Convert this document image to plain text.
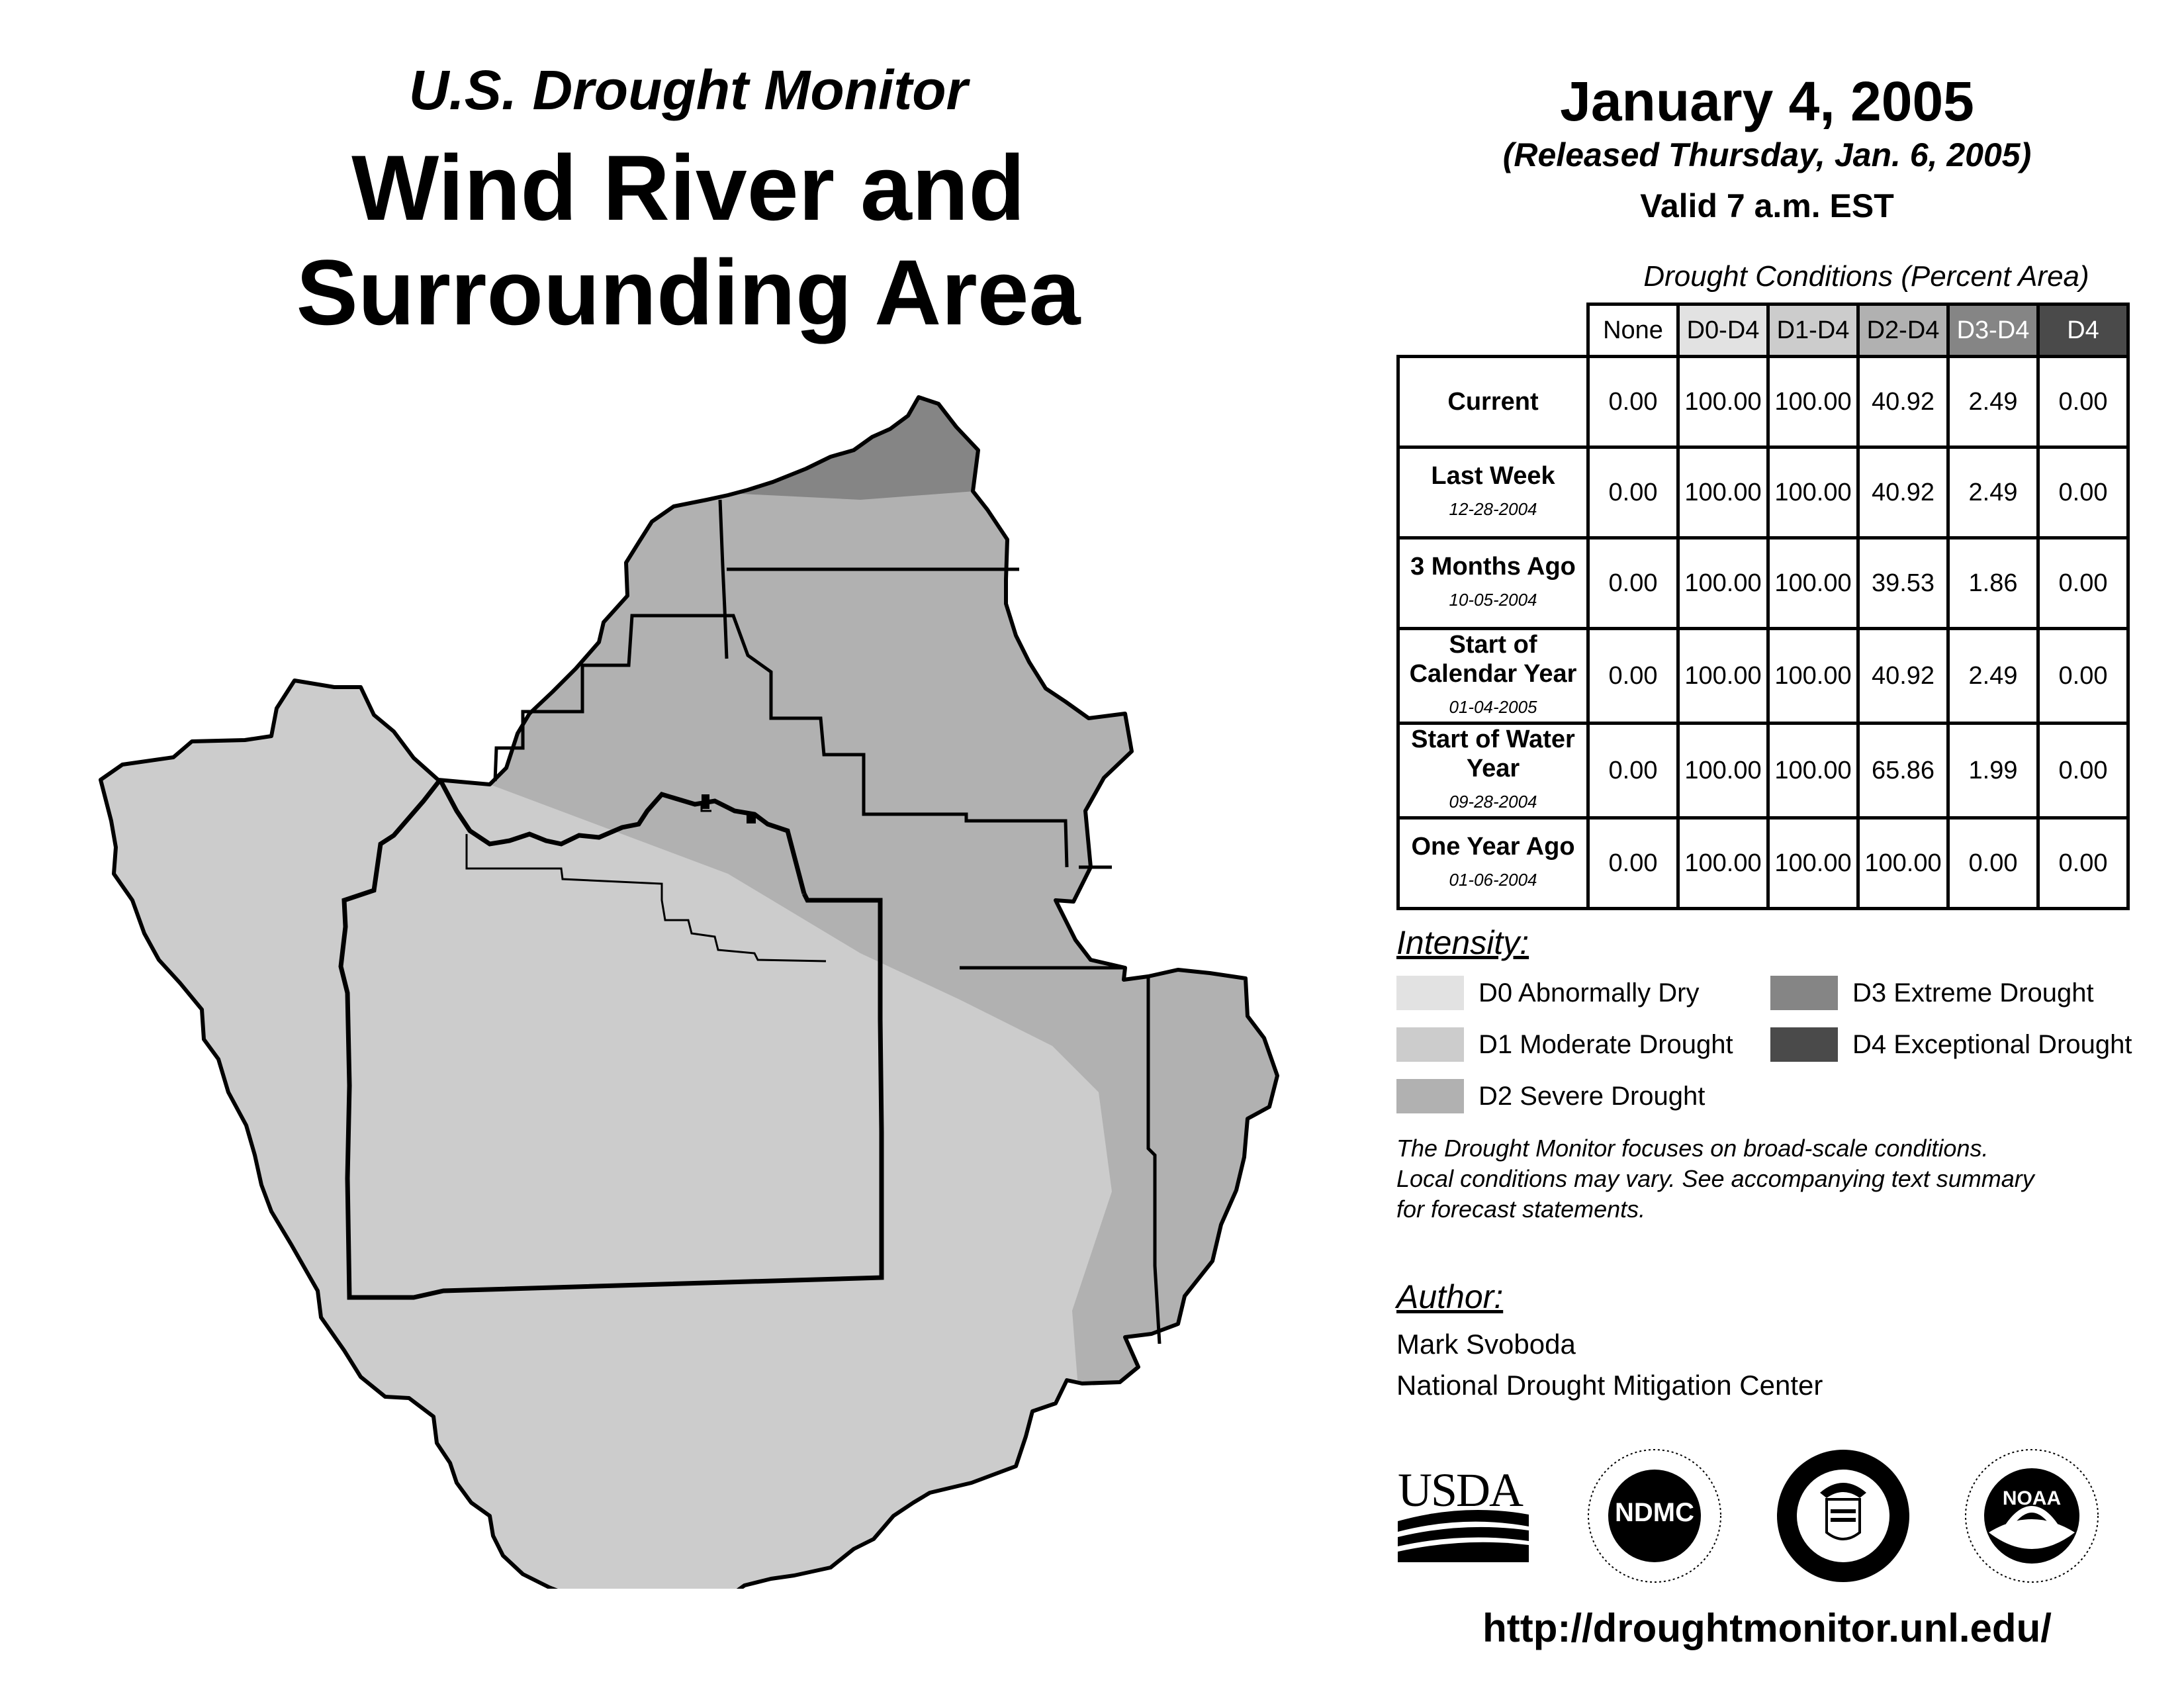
U.S. Drought Monitor
Wind River and
Surrounding Area
January 4, 2005
(Released Thursday, Jan. 6, 2005)
Valid 7 a.m. EST
Drought Conditions (Percent Area)
	None	D0-D4	D1-D4	D2-D4	D3-D4	D4
Current	0.00	100.00	100.00	40.92	2.49	0.00
Last Week
12-28-2004	0.00	100.00	100.00	40.92	2.49	0.00
3 Months Ago
10-05-2004	0.00	100.00	100.00	39.53	1.86	0.00
Start of Calendar Year
01-04-2005	0.00	100.00	100.00	40.92	2.49	0.00
Start of Water Year
09-28-2004	0.00	100.00	100.00	65.86	1.99	0.00
One Year Ago
01-06-2004	0.00	100.00	100.00	100.00	0.00	0.00
Intensity:
D0 Abnormally Dry
D1 Moderate Drought
D2 Severe Drought
D3 Extreme Drought
D4 Exceptional Drought
The Drought Monitor focuses on broad-scale conditions.
Local conditions may vary. See accompanying text summary
for forecast statements.
Author:
Mark Svoboda
National Drought Mitigation Center
USDA	NDMC	NOAA
http://droughtmonitor.unl.edu/
